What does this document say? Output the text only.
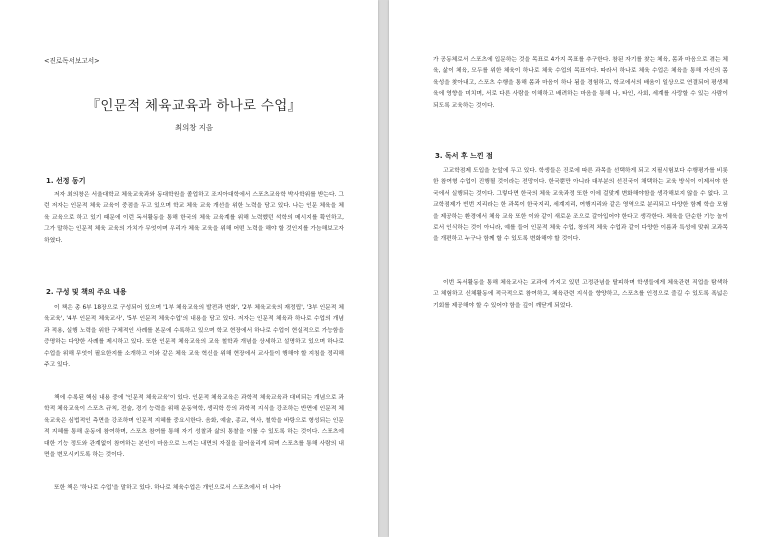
<진로독서보고서>
『인문적 체육교육과 하나로 수업』
최의창 지음
1. 선정 동기

저자 최의창은 서울대학교 체육교육과와 동대학원을 졸업하고 조지아대학에서 스포츠교육학 박사학위를 받는다. 그런 저자는 인문적 체육 교육이 중점을 두고 있으며 학교 체육 교육 개선을 위한 노력을 담고 있다. 나는 인문 체육을 체육 교육으로 하고 있기 때문에 이런 독서활동을 통해 한국의 체육 교육계를 위해 노력했던 석학의 메시지를 확인하고, 그가 말하는 인문적 체육 교육의 가치가 무엇이며 우리가 체육 교육을 위해 어떤 노력을 해야 할 것인지를 가늠해보고자 하였다.

2. 구성 및 책의 주요 내용

이 책은 총 6부 18장으로 구성되어 있으며 '1부 체육교육의 발전과 변화', '2부 체육교육의 재정립', '3부 인문적 체육교육', '4부 인문적 체육교사', '5부 인문적 체육수업'의 내용을 담고 있다. 저자는 인문적 체육과 하나로 수업의 개념과 적용, 실행 노력을 위한 구체적인 사례를 본문에 수록하고 있으며 학교 현장에서 하나로 수업이 현실적으로 가능함을 증명하는 다양한 사례를 제시하고 있다. 또한 인문적 체육교육의 교육 철학과 개념을 상세하고 설명하고 있으며 하나로 수업을 위해 무엇이 필요한지를 소개하고 이와 같은 체육 교육 혁신을 위해 현장에서 교사들이 행해야 할 지침을 정리해주고 있다.

책에 수록된 핵심 내용 중에 '인문적 체육교육'이 있다. 인문적 체육교육은 과학적 체육교육과 대비되는 개념으로 과학적 체육교육이 스포츠 규칙, 전술, 경기 능력을 위해 운동역학, 생리학 등의 과학적 지식을 강조하는 반면에 인문적 체육교육은 심법적인 측면을 강조하며 인문적 지혜를 중요시한다. 음화, 예술, 종교, 역사, 철학을 바탕으로 형성되는 인문적 지혜를 통해 운동에 참여하며, 스포츠 참여를 통해 자기 성찰과 삶의 통찰을 이룰 수 있도록 하는 것이다. 스포츠에 대한 기능 정도와 관계없이 참여하는 본인이 마음으로 느끼는 내면의 자질을 끌어올리게 되며 스포츠를 통해 사람의 내면을 변모시키도록 하는 것이다.

또한 책은 '하나로 수업'을 말하고 있다. 하나로 체육수업은 개인으로서 스포츠에서 더 나아

가 공동체로서 스포츠에 입문하는 것을 목표로 4가지 목표를 추구한다. 참된 자기를 찾는 체육, 몸과 마음으로 겪는 체육, 삶이 체육, 모두를 위한 체육이 하나로 체육 수업의 목표이다. 따라서 하나로 체육 수업은 체육을 통해 자신의 몸 육성을 찾아내고, 스포츠 수행을 통해 몸과 마음이 하나 됨을 경험하고, 학교에서의 배움이 일상으로 연결되어 평생체육에 영향을 미치며, 서로 다른 사람을 이해하고 배려하는 마음을 통해 나, 타인, 사회, 세계를 사랑할 수 있는 사람이 되도록 교육하는 것이다.

3. 독서 후 느낀 점

고교학점제 도입을 눈앞에 두고 있다. 학생들은 진로에 따른 과목을 선택하게 되고 지필시험보다 수행평가를 비롯한 참여형 수업이 진행될 것이라는 전망이다. 한국뿐만 아니라 대부분의 선진국이 채택하는 교육 방식이 이제서야 한국에서 실행되는 것이다. 그렇다면 한국의 체육 교육과정 또한 이에 걸맞게 변화해야함을 생각해보지 않을 수 없다. 고교학점제가 빈번 지리라는 한 과목이 한국지리, 세계지리, 여행지리와 같은 영역으로 분리되고 다양한 함께 학습 모험을 제공하는 환경에서 체육 교육 또한 이와 같이 새로운 조으로 갈아입어야 한다고 생각한다. 체육을 단순한 기능 놀이로서 인식하는 것이 아니라, 예를 들어 인문적 체육 수업, 창의적 체육 수업과 같이 다양한 이름과 특성에 맞춰 교과목을 개편하고 누구나 함께 할 수 있도록 변화해야 할 것이다.

이번 독서활동을 통해 체육교사는 교과에 가지고 있던 고정관념을 탈피하며 학생들에게 체육관련 직업을 탐색하고 체험하고 신체활동에 적극적으로 참여하고, 체육관련 지식을 향양하고, 스포츠를 인정으로 즐길 수 있도록 폭넓은 기회를 제공해야 할 수 있어야 함을 깊이 깨닫게 되었다.
